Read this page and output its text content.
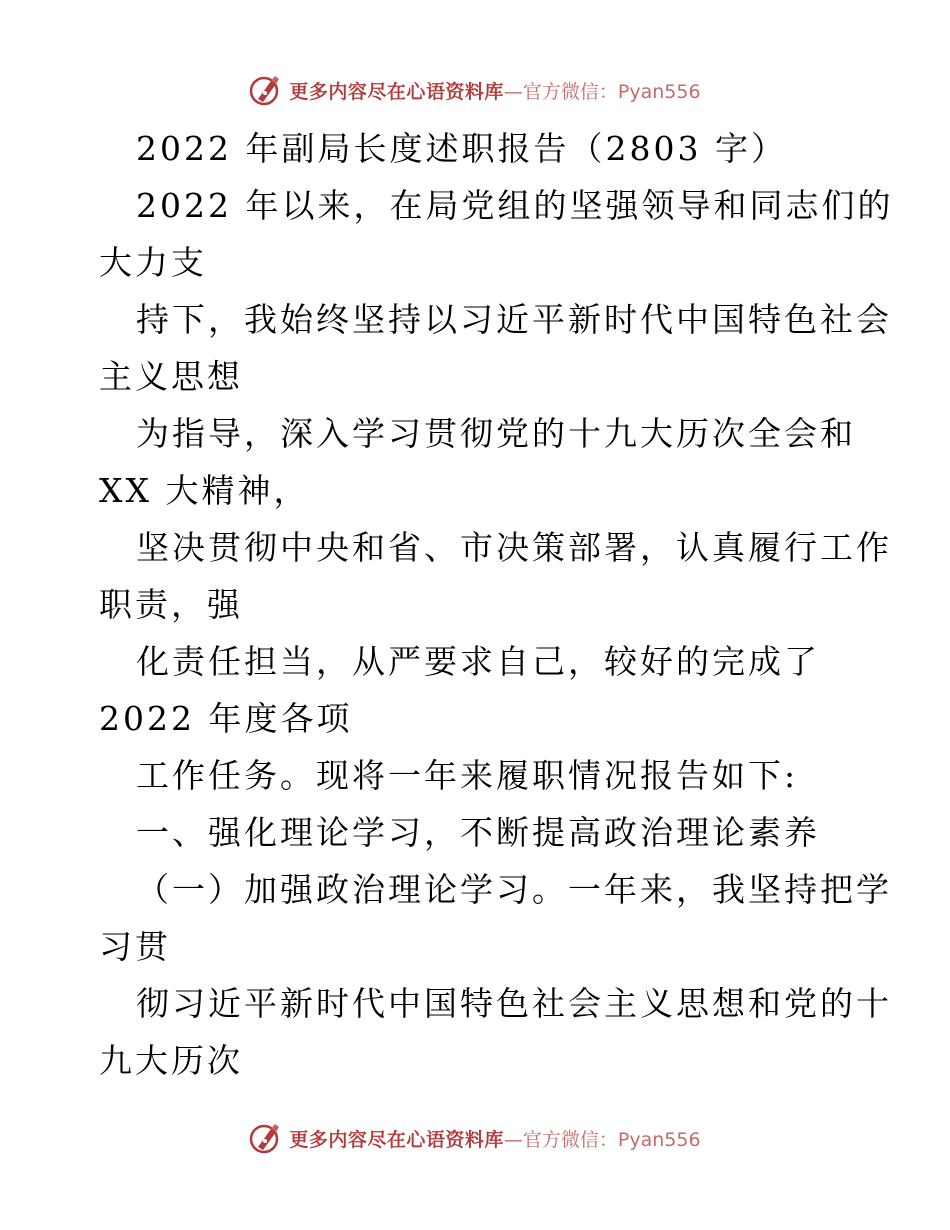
更多内容尽在心语资料库 —官方微信：Pyan556
2022 年副局长度述职报告（2803 字）
2022 年以来，在局党组的坚强领导和同志们的
大力支
持下，我始终坚持以习近平新时代中国特色社会
主义思想
为指导，深入学习贯彻党的十九大历次全会和
XX 大精神，
坚决贯彻中央和省、市决策部署，认真履行工作
职责，强
化责任担当，从严要求自己，较好的完成了
2022 年度各项
工作任务。现将一年来履职情况报告如下:
一、强化理论学习，不断提高政治理论素养
（一）加强政治理论学习。一年来，我坚持把学
习贯
彻习近平新时代中国特色社会主义思想和党的十
九大历次
更多内容尽在心语资料库 —官方微信：Pyan556
